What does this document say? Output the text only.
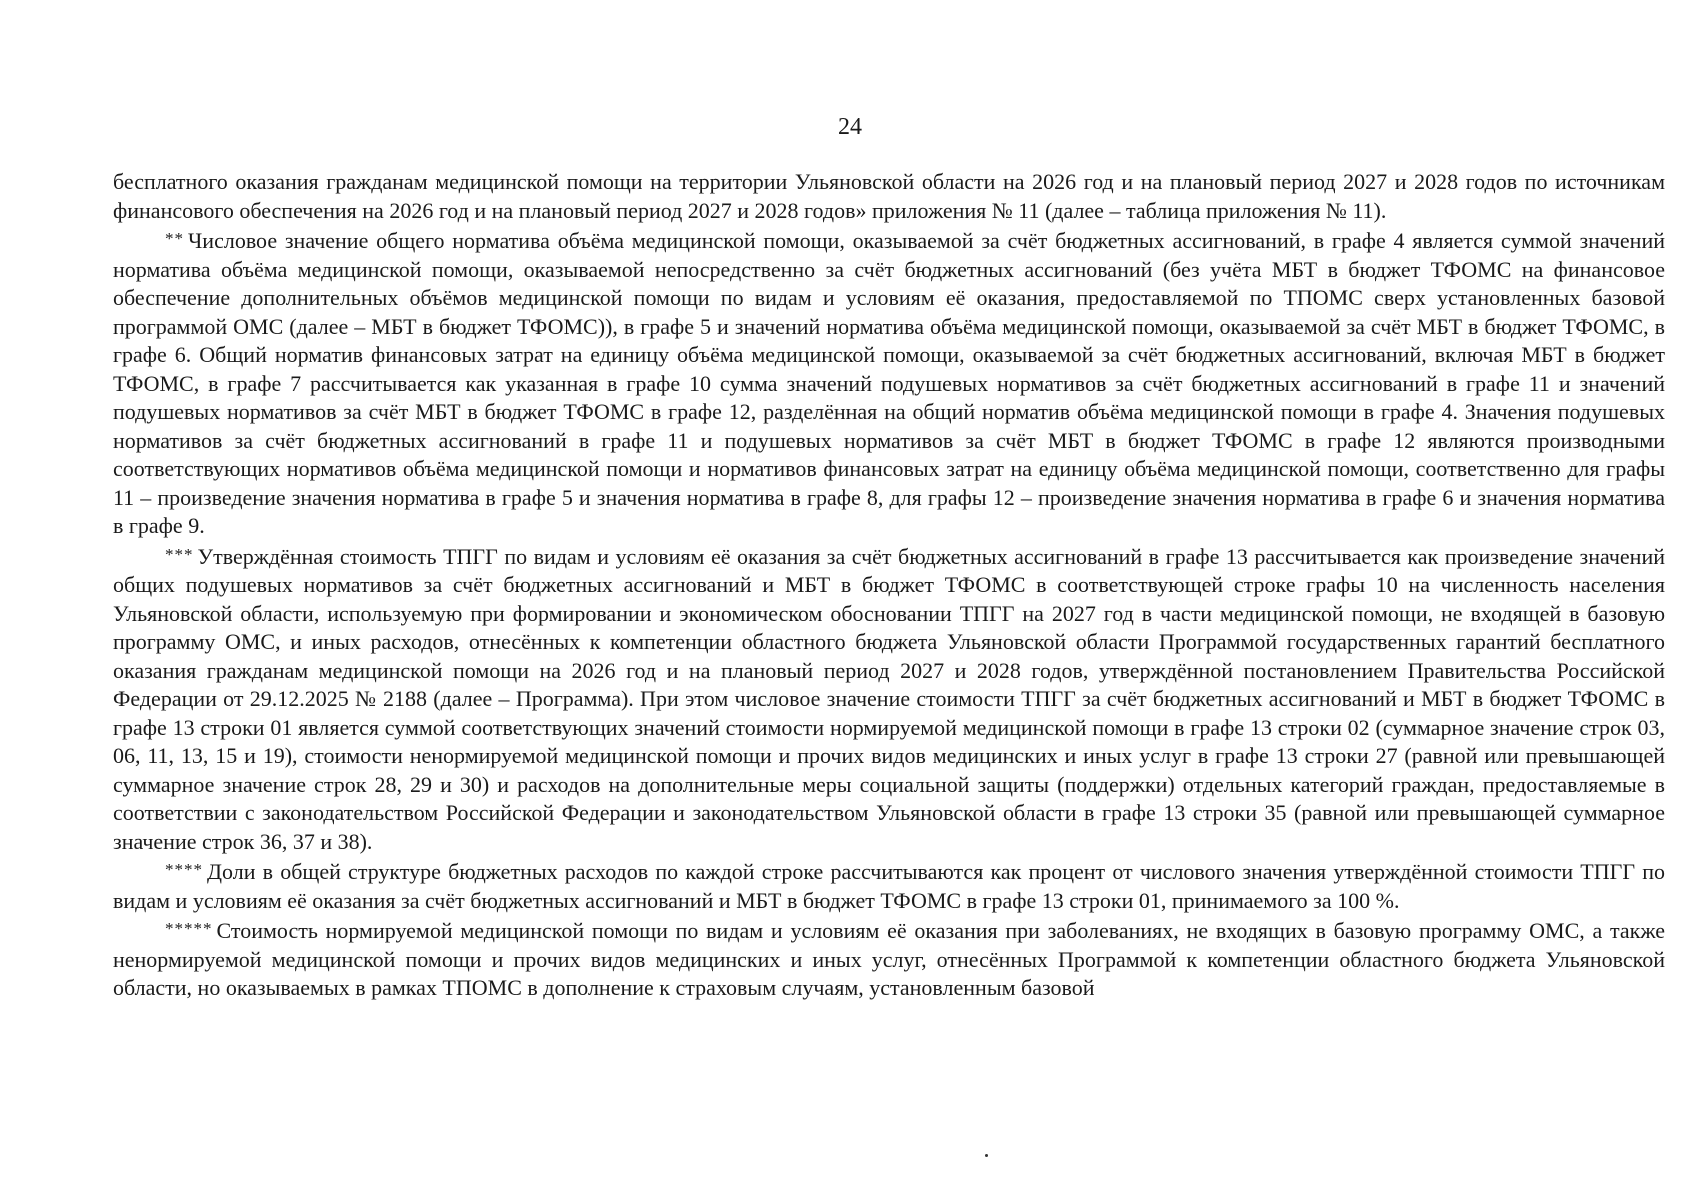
24

бесплатного оказания гражданам медицинской помощи на территории Ульяновской области на 2026 год и на плановый период 2027 и 2028 годов по источникам финансового обеспечения на 2026 год и на плановый период 2027 и 2028 годов» приложения № 11 (далее – таблица приложения № 11).

** Числовое значение общего норматива объёма медицинской помощи, оказываемой за счёт бюджетных ассигнований, в графе 4 является суммой значений норматива объёма медицинской помощи, оказываемой непосредственно за счёт бюджетных ассигнований (без учёта МБТ в бюджет ТФОМС на финансовое обеспечение дополнительных объёмов медицинской помощи по видам и условиям её оказания, предоставляемой по ТПОМС сверх установленных базовой программой ОМС (далее – МБТ в бюджет ТФОМС)), в графе 5 и значений норматива объёма медицинской помощи, оказываемой за счёт МБТ в бюджет ТФОМС, в графе 6. Общий норматив финансовых затрат на единицу объёма медицинской помощи, оказываемой за счёт бюджетных ассигнований, включая МБТ в бюджет ТФОМС, в графе 7 рассчитывается как указанная в графе 10 сумма значений подушевых нормативов за счёт бюджетных ассигнований в графе 11 и значений подушевых нормативов за счёт МБТ в бюджет ТФОМС в графе 12, разделённая на общий норматив объёма медицинской помощи в графе 4. Значения подушевых нормативов за счёт бюджетных ассигнований в графе 11 и подушевых нормативов за счёт МБТ в бюджет ТФОМС в графе 12 являются производными соответствующих нормативов объёма медицинской помощи и нормативов финансовых затрат на единицу объёма медицинской помощи, соответственно для графы 11 – произведение значения норматива в графе 5 и значения норматива в графе 8, для графы 12 – произведение значения норматива в графе 6 и значения норматива в графе 9.

*** Утверждённая стоимость ТПГГ по видам и условиям её оказания за счёт бюджетных ассигнований в графе 13 рассчитывается как произведение значений общих подушевых нормативов за счёт бюджетных ассигнований и МБТ в бюджет ТФОМС в соответствующей строке графы 10 на численность населения Ульяновской области, используемую при формировании и экономическом обосновании ТПГГ на 2027 год в части медицинской помощи, не входящей в базовую программу ОМС, и иных расходов, отнесённых к компетенции областного бюджета Ульяновской области Программой государственных гарантий бесплатного оказания гражданам медицинской помощи на 2026 год и на плановый период 2027 и 2028 годов, утверждённой постановлением Правительства Российской Федерации от 29.12.2025 № 2188 (далее – Программа). При этом числовое значение стоимости ТПГГ за счёт бюджетных ассигнований и МБТ в бюджет ТФОМС в графе 13 строки 01 является суммой соответствующих значений стоимости нормируемой медицинской помощи в графе 13 строки 02 (суммарное значение строк 03, 06, 11, 13, 15 и 19), стоимости ненормируемой медицинской помощи и прочих видов медицинских и иных услуг в графе 13 строки 27 (равной или превышающей суммарное значение строк 28, 29 и 30) и расходов на дополнительные меры социальной защиты (поддержки) отдельных категорий граждан, предоставляемые в соответствии с законодательством Российской Федерации и законодательством Ульяновской области в графе 13 строки 35 (равной или превышающей суммарное значение строк 36, 37 и 38).

**** Доли в общей структуре бюджетных расходов по каждой строке рассчитываются как процент от числового значения утверждённой стоимости ТПГГ по видам и условиям её оказания за счёт бюджетных ассигнований и МБТ в бюджет ТФОМС в графе 13 строки 01, принимаемого за 100 %.

***** Стоимость нормируемой медицинской помощи по видам и условиям её оказания при заболеваниях, не входящих в базовую программу ОМС, а также ненормируемой медицинской помощи и прочих видов медицинских и иных услуг, отнесённых Программой к компетенции областного бюджета Ульяновской области, но оказываемых в рамках ТПОМС в дополнение к страховым случаям, установленным базовой
